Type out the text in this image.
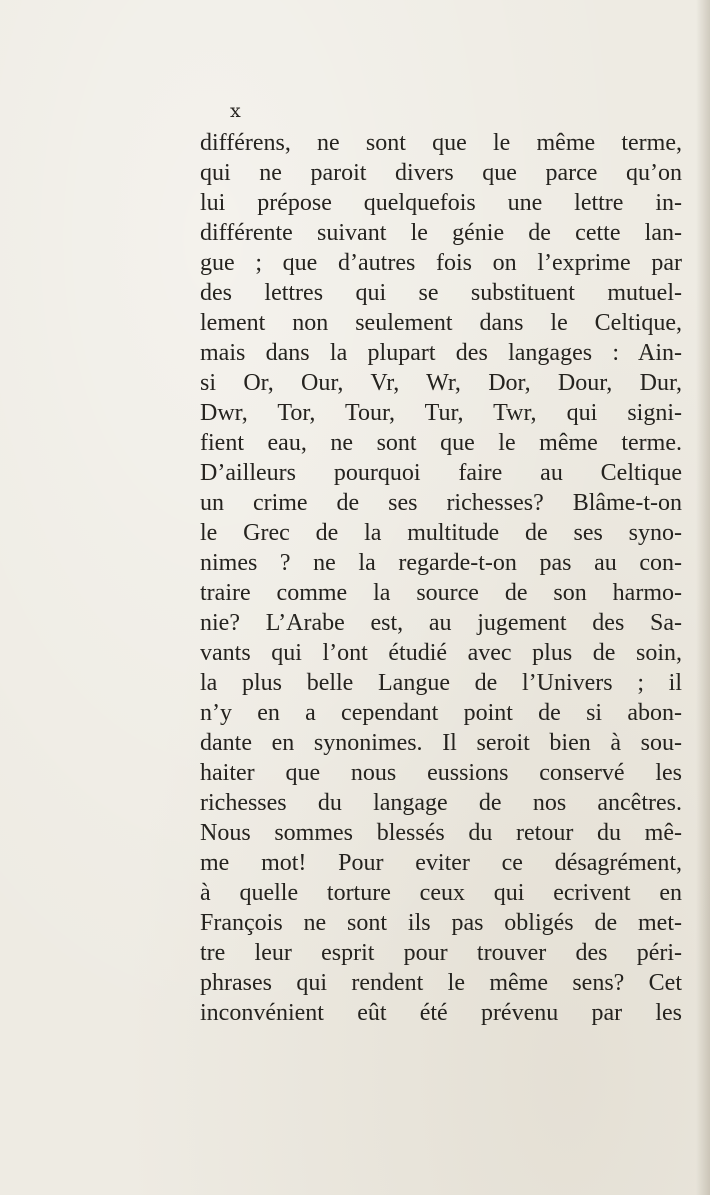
x
différens, ne sont que le même terme,
qui ne paroit divers que parce qu’on
lui prépose quelquefois une lettre in-
différente suivant le génie de cette lan-
gue ; que d’autres fois on l’exprime par
des lettres qui se substituent mutuel-
lement non seulement dans le Celtique,
mais dans la plupart des langages : Ain-
si Or, Our, Vr, Wr, Dor, Dour, Dur,
Dwr, Tor, Tour, Tur, Twr, qui signi-
fient eau, ne sont que le même terme.
D’ailleurs pourquoi faire au Celtique
un crime de ses richesses? Blâme-t-on
le Grec de la multitude de ses syno-
nimes ? ne la regarde-t-on pas au con-
traire comme la source de son harmo-
nie? L’Arabe est, au jugement des Sa-
vants qui l’ont étudié avec plus de soin,
la plus belle Langue de l’Univers ; il
n’y en a cependant point de si abon-
dante en synonimes. Il seroit bien à sou-
haiter que nous eussions conservé les
richesses du langage de nos ancêtres.
Nous sommes blessés du retour du mê-
me mot! Pour eviter ce désagrément,
à quelle torture ceux qui ecrivent en
François ne sont ils pas obligés de met-
tre leur esprit pour trouver des péri-
phrases qui rendent le même sens? Cet
inconvénient eût été prévenu par les
